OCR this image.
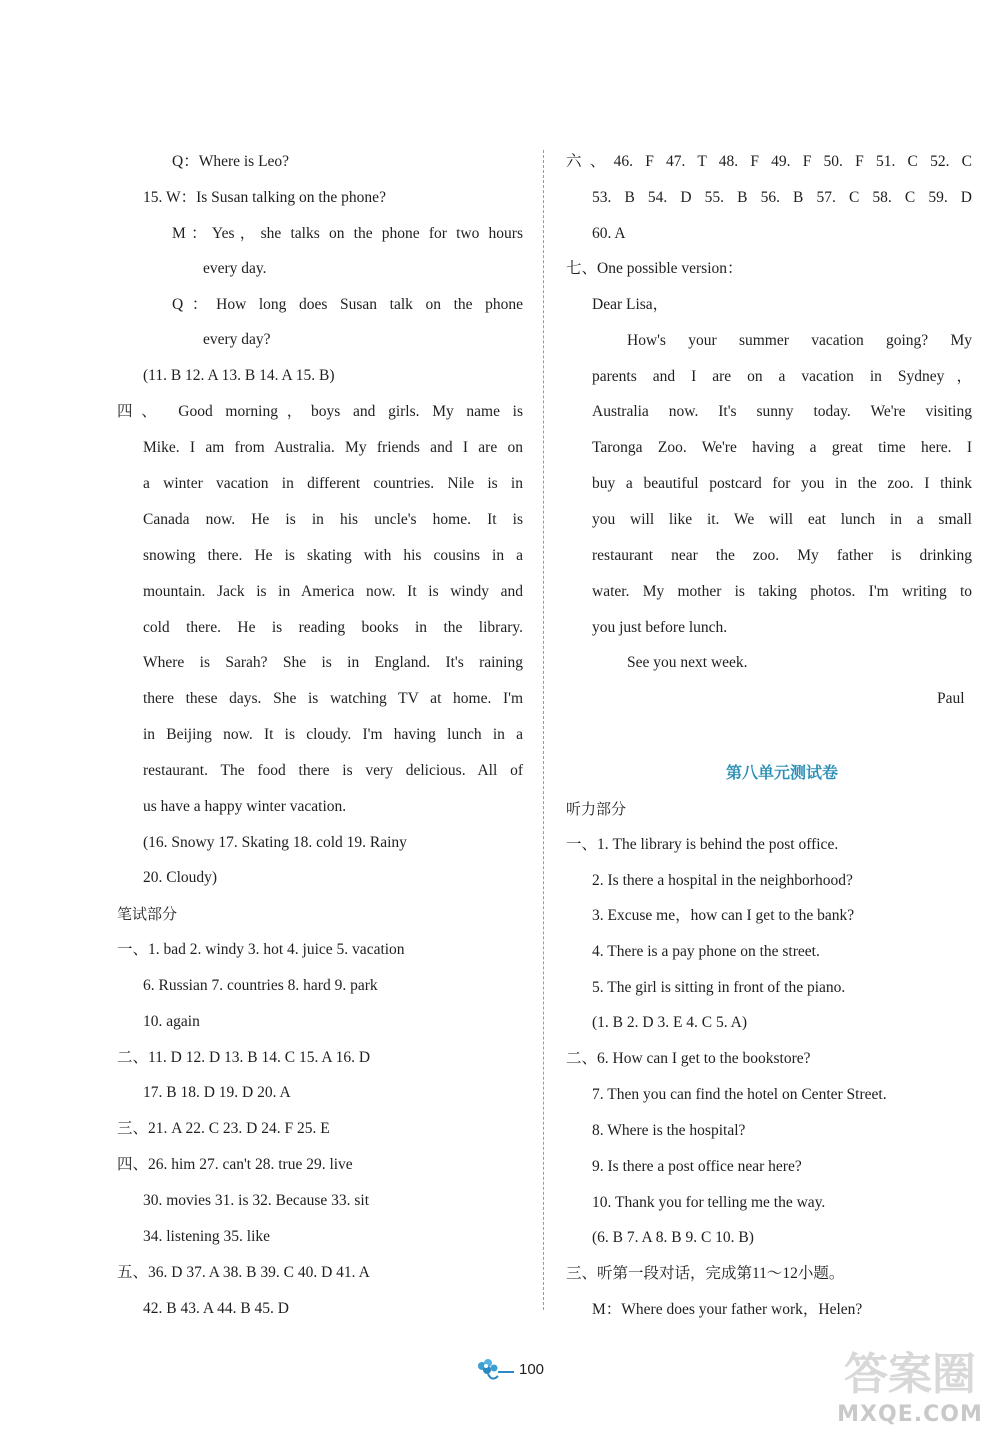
Q：Where is Leo?
15. W：Is Susan talking on the phone?
M：Yes，she talks on the phone for two hours
every day.
Q：How long does Susan talk on the phone
every day?
(11. B 12. A 13. B 14. A 15. B)
四、 Good morning，boys and girls. My name is
Mike. I am from Australia. My friends and I are on
a winter vacation in different countries. Nile is in
Canada now. He is in his uncle's home. It is
snowing there. He is skating with his cousins in a
mountain. Jack is in America now. It is windy and
cold there. He is reading books in the library.
Where is Sarah? She is in England. It's raining
there these days. She is watching TV at home. I'm
in Beijing now. It is cloudy. I'm having lunch in a
restaurant. The food there is very delicious. All of
us have a happy winter vacation.
(16. Snowy 17. Skating 18. cold 19. Rainy
20. Cloudy)
笔试部分
一、1. bad 2. windy 3. hot 4. juice 5. vacation
6. Russian 7. countries 8. hard 9. park
10. again
二、11. D 12. D 13. B 14. C 15. A 16. D
17. B 18. D 19. D 20. A
三、21. A 22. C 23. D 24. F 25. E
四、26. him 27. can't 28. true 29. live
30. movies 31. is 32. Because 33. sit
34. listening 35. like
五、36. D 37. A 38. B 39. C 40. D 41. A
42. B 43. A 44. B 45. D
六、46. F 47. T 48. F 49. F 50. F 51. C 52. C
53. B 54. D 55. B 56. B 57. C 58. C 59. D
60. A
七、One possible version：
Dear Lisa，
How's your summer vacation going? My
parents and I are on a vacation in Sydney，
Australia now. It's sunny today. We're visiting
Taronga Zoo. We're having a great time here. I
buy a beautiful postcard for you in the zoo. I think
you will like it. We will eat lunch in a small
restaurant near the zoo. My father is drinking
water. My mother is taking photos. I'm writing to
you just before lunch.
See you next week.
Paul
第八单元测试卷
听力部分
一、1. The library is behind the post office.
2. Is there a hospital in the neighborhood?
3. Excuse me，how can I get to the bank?
4. There is a pay phone on the street.
5. The girl is sitting in front of the piano.
(1. B 2. D 3. E 4. C 5. A)
二、6. How can I get to the bookstore?
7. Then you can find the hotel on Center Street.
8. Where is the hospital?
9. Is there a post office near here?
10. Thank you for telling me the way.
(6. B 7. A 8. B 9. C 10. B)
三、听第一段对话，完成第11～12小题。
M：Where does your father work，Helen?
100	答案圈
MXQE.COM
